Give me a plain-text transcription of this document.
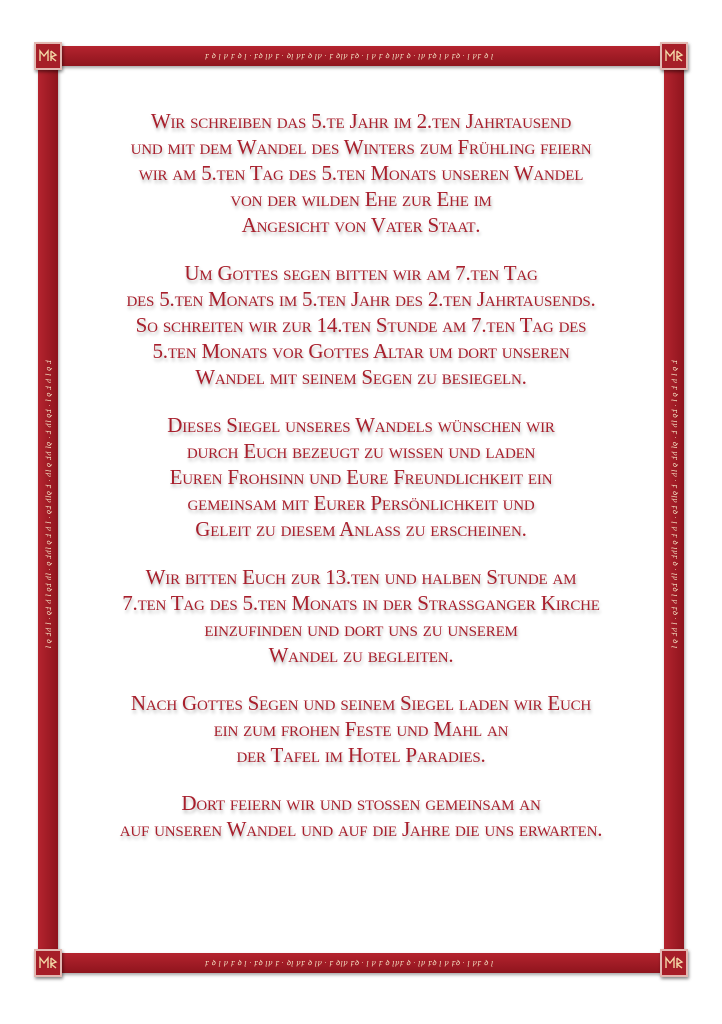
ꝼ ꝺ ꞁ ꝩ ꝼ ꝺ ꞁ · ꝼꝺ ꞁꝩ ꝼ · ꝺꞁ ꝩꝼ ꝺ ꞁꝩ · ꝼ ꝺꞁꝩ ꝼꝺ · ꞁ ꝩ ꝼ ꝺ ꞁꝩꝼ ꝺ · ꞁꝩ ꝼꝺ ꞁ ꝩ ꝼꝺ · ꞁ ꝩꝼ ꝺ ꞁ
ꝼ ꝺ ꞁ ꝩ ꝼ ꝺ ꞁ · ꝼꝺ ꞁꝩ ꝼ · ꝺꞁ ꝩꝼ ꝺ ꞁꝩ · ꝼ ꝺꞁꝩ ꝼꝺ · ꞁ ꝩ ꝼ ꝺ ꞁꝩꝼ ꝺ · ꞁꝩ ꝼꝺ ꞁ ꝩ ꝼꝺ · ꞁ ꝩꝼ ꝺ ꞁ
ꝼ ꝺ ꞁ ꝩ ꝼ ꝺ ꞁ · ꝼꝺ ꞁꝩ ꝼ · ꝺꞁ ꝩꝼ ꝺ ꞁꝩ · ꝼ ꝺꞁꝩ ꝼꝺ · ꞁ ꝩ ꝼ ꝺ ꞁꝩꝼ ꝺ · ꞁꝩ ꝼꝺ ꞁ ꝩ ꝼꝺ · ꞁ ꝩꝼ ꝺ ꞁ	ꝼ ꝺ ꞁ ꝩ ꝼ ꝺ ꞁ · ꝼꝺ ꞁꝩ ꝼ · ꝺꞁ ꝩꝼ ꝺ ꞁꝩ · ꝼ ꝺꞁꝩ ꝼꝺ · ꞁ ꝩ ꝼ ꝺ ꞁꝩꝼ ꝺ · ꞁꝩ ꝼꝺ ꞁ ꝩ ꝼꝺ · ꞁ ꝩꝼ ꝺ ꞁ
Wir schreiben das 5.te Jahr im 2.ten Jahrtausend
und mit dem Wandel des Winters zum Frühling feiern
wir am 5.ten Tag des 5.ten Monats unseren Wandel
von der wilden Ehe zur Ehe im
Angesicht von Vater Staat.
Um Gottes segen bitten wir am 7.ten Tag
des 5.ten Monats im 5.ten Jahr des 2.ten Jahrtausends.
So schreiten wir zur 14.ten Stunde am 7.ten Tag des
5.ten Monats vor Gottes Altar um dort unseren
Wandel mit seinem Segen zu besiegeln.
Dieses Siegel unseres Wandels wünschen wir
durch Euch bezeugt zu wissen und laden
Euren Frohsinn und Eure Freundlichkeit ein
gemeinsam mit Eurer Persönlichkeit und
Geleit zu diesem Anlass zu erscheinen.
Wir bitten Euch zur 13.ten und halben Stunde am
7.ten Tag des 5.ten Monats in der Strassganger Kirche
einzufinden und dort uns zu unserem
Wandel zu begleiten.
Nach Gottes Segen und seinem Siegel laden wir Euch
ein zum frohen Feste und Mahl an
der Tafel im Hotel Paradies.
Dort feiern wir und stossen gemeinsam an
auf unseren Wandel und auf die Jahre die uns erwarten.
